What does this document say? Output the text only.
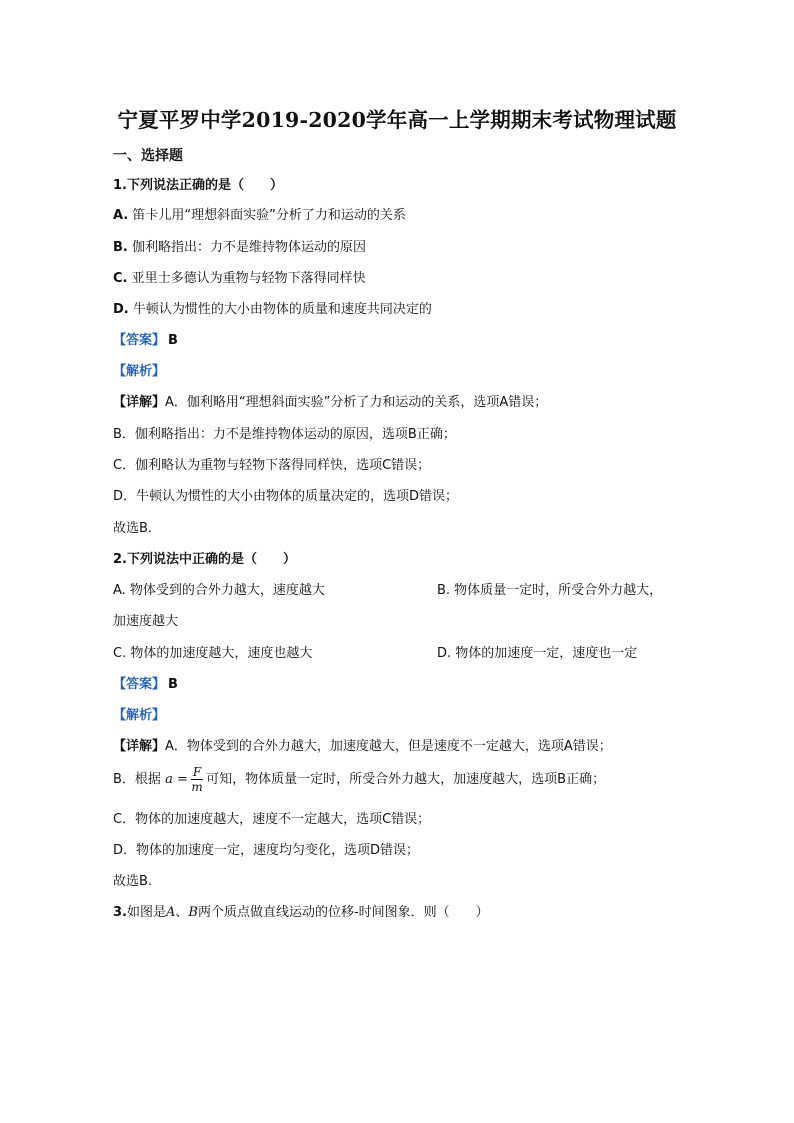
宁夏平罗中学2019-2020学年高一上学期期末考试物理试题
一、选择题
1.下列说法正确的是（　　）
A. 笛卡儿用“理想斜面实验”分析了力和运动的关系
B. 伽利略指出：力不是维持物体运动的原因
C. 亚里士多德认为重物与轻物下落得同样快
D. 牛顿认为惯性的大小由物体的质量和速度共同决定的
【答案】 B
【解析】
【详解】A．伽利略用“理想斜面实验”分析了力和运动的关系，选项A错误；
B．伽利略指出：力不是维持物体运动的原因，选项B正确；
C．伽利略认为重物与轻物下落得同样快，选项C错误；
D．牛顿认为惯性的大小由物体的质量决定的，选项D错误；
故选B.
2.下列说法中正确的是（　　）
A. 物体受到的合外力越大，速度越大	B. 物体质量一定时，所受合外力越大，
加速度越大
C. 物体的加速度越大，速度也越大	D. 物体的加速度一定，速度也一定
【答案】 B
【解析】
【详解】A．物体受到的合外力越大，加速度越大，但是速度不一定越大，选项A错误；
B．根据 $a = \frac{F}{m}$ 可知，物体质量一定时，所受合外力越大，加速度越大，选项B正确；
C．物体的加速度越大，速度不一定越大，选项C错误；
D．物体的加速度一定，速度均匀变化，选项D错误；
故选B.
3.如图是A、B两个质点做直线运动的位移-时间图象．则（　　）
